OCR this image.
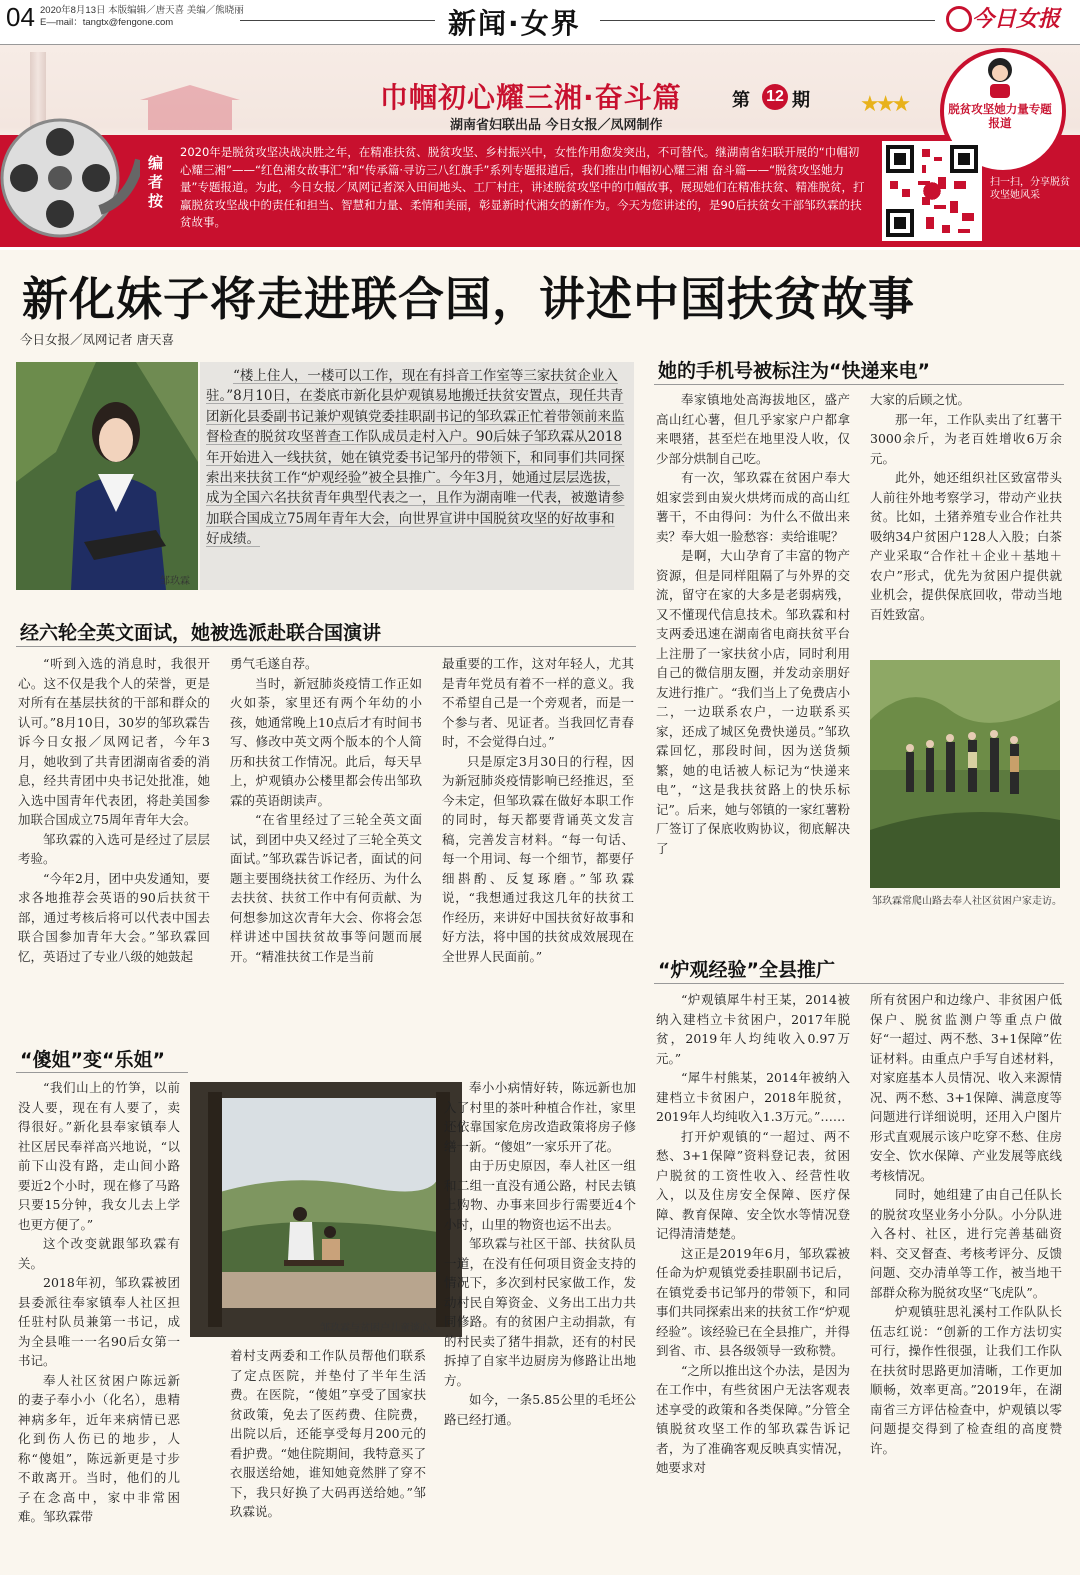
04 2020年8月13日 本版编辑／唐天喜 美编／熊晓丽
E—mail：tangtx@fengone.com	新闻·女界	今日女报
巾帼初心耀三湘·奋斗篇	第 12 期
湖南省妇联出品 今日女报／凤网制作
★★★	脱贫攻坚她力量专题报道
编者按
2020年是脱贫攻坚决战决胜之年，在精准扶贫、脱贫攻坚、乡村振兴中，女性作用愈发突出，不可替代。继湖南省妇联开展的“巾帼初心耀三湘”——“红色湘女故事汇”和“传承篇·寻访三八红旗手”系列专题报道后，我们推出巾帼初心耀三湘 奋斗篇——“脱贫攻坚她力量”专题报道。为此，今日女报／凤网记者深入田间地头、工厂村庄，讲述脱贫攻坚中的巾帼故事，展现她们在精准扶贫、精准脱贫，打赢脱贫攻坚战中的责任和担当、智慧和力量、柔情和美丽，彰显新时代湘女的新作为。今天为您讲述的，是90后扶贫女干部邹玖霖的扶贫故事。
扫一扫，分享脱贫攻坚她风采
新化妹子将走进联合国，讲述中国扶贫故事
今日女报／凤网记者 唐天喜
邹玖霖
“楼上住人，一楼可以工作，现在有抖音工作室等三家扶贫企业入驻。”8月10日，在娄底市新化县炉观镇易地搬迁扶贫安置点，现任共青团新化县委副书记兼炉观镇党委挂职副书记的邹玖霖正忙着带领前来监督检查的脱贫攻坚普查工作队成员走村入户。90后妹子邹玖霖从2018年开始进入一线扶贫，她在镇党委书记邹丹的带领下，和同事们共同探索出来扶贫工作“炉观经验”被全县推广。今年3月，她通过层层选拔，成为全国六名扶贫青年典型代表之一，且作为湖南唯一代表，被邀请参加联合国成立75周年青年大会，向世界宣讲中国脱贫攻坚的好故事和好成绩。
经六轮全英文面试，她被选派赴联合国演讲

“听到入选的消息时，我很开心。这不仅是我个人的荣誉，更是对所有在基层扶贫的干部和群众的认可。”8月10日，30岁的邹玖霖告诉今日女报／凤网记者，今年3月，她收到了共青团湖南省委的消息，经共青团中央书记处批准，她入选中国青年代表团，将赴美国参加联合国成立75周年青年大会。

邹玖霖的入选可是经过了层层考验。

“今年2月，团中央发通知，要求各地推荐会英语的90后扶贫干部，通过考核后将可以代表中国去联合国参加青年大会。”邹玖霖回忆，英语过了专业八级的她鼓起

勇气毛遂自荐。

当时，新冠肺炎疫情工作正如火如荼，家里还有两个年幼的小孩，她通常晚上10点后才有时间书写、修改中英文两个版本的个人简历和扶贫工作情况。此后，每天早上，炉观镇办公楼里都会传出邹玖霖的英语朗读声。

“在省里经过了三轮全英文面试，到团中央又经过了三轮全英文面试。”邹玖霖告诉记者，面试的问题主要围绕扶贫工作经历、为什么去扶贫、扶贫工作中有何贡献、为何想参加这次青年大会、你将会怎样讲述中国扶贫故事等问题而展开。“精准扶贫工作是当前

最重要的工作，这对年轻人，尤其是青年党员有着不一样的意义。我不希望自己是一个旁观者，而是一个参与者、见证者。当我回忆青春时，不会觉得白过。”

只是原定3月30日的行程，因为新冠肺炎疫情影响已经推迟，至今未定，但邹玖霖在做好本职工作的同时，每天都要背诵英文发言稿，完善发言材料。“每一句话、每一个用词、每一个细节，都要仔细斟酌、反复琢磨。”邹玖霖说，“我想通过我这几年的扶贫工作经历，来讲好中国扶贫好故事和好方法，将中国的扶贫成效展现在全世界人民面前。”

“傻姐”变“乐姐”

“我们山上的竹笋，以前没人要，现在有人要了，卖得很好。”新化县奉家镇奉人社区居民奉祥高兴地说，“以前下山没有路，走山间小路要近2个小时，现在修了马路只要15分钟，我女儿去上学也更方便了。”

这个改变就跟邹玖霖有关。

2018年初，邹玖霖被团县委派往奉家镇奉人社区担任驻村队员兼第一书记，成为全县唯一一名90后女第一书记。

奉人社区贫困户陈远新的妻子奉小小（化名），患精神病多年，近年来病情已恶化到伤人伤已的地步，人称“傻姐”，陈远新更是寸步不敢离开。当时，他们的儿子在念高中，家中非常困难。邹玖霖带

邹玖霖与贫困户儿童谈心。

着村支两委和工作队员帮他们联系了定点医院，并垫付了半年生活费。在医院，“傻姐”享受了国家扶贫政策，免去了医药费、住院费，出院以后，还能享受每月200元的看护费。“她住院期间，我特意买了衣服送给她，谁知她竟然胖了穿不下，我只好换了大码再送给她。”邹玖霖说。

奉小小病情好转，陈远新也加入了村里的茶叶种植合作社，家里还依靠国家危房改造政策将房子修缮一新。“傻姐”一家乐开了花。

由于历史原因，奉人社区一组和二组一直没有通公路，村民去镇上购物、办事来回步行需要近4个小时，山里的物资也运不出去。

邹玖霖与社区干部、扶贫队员一道，在没有任何项目资金支持的情况下，多次到村民家做工作，发动村民自筹资金、义务出工出力共同修路。有的贫困户主动捐款，有的村民卖了猪牛捐款，还有的村民拆掉了自家半边厨房为修路让出地方。

如今，一条5.85公里的毛坯公路已经打通。

她的手机号被标注为“快递来电”

奉家镇地处高海拔地区，盛产高山红心薯，但几乎家家户户都拿来喂猪，甚至烂在地里没人收，仅少部分烘制自己吃。

有一次，邹玖霖在贫困户奉大姐家尝到由炭火烘烤而成的高山红薯干，不由得问：为什么不做出来卖？奉大姐一脸愁容：卖给谁呢？

是啊，大山孕育了丰富的物产资源，但是同样阻隔了与外界的交流，留守在家的大多是老弱病残，又不懂现代信息技术。邹玖霖和村支两委迅速在湖南省电商扶贫平台上注册了一家扶贫小店，同时利用自己的微信朋友圈，并发动亲朋好友进行推广。“我们当上了免费店小二，一边联系农户，一边联系买家，还成了城区免费快递员。”邹玖霖回忆，那段时间，因为送货频繁，她的电话被人标记为“快递来电”，“这是我扶贫路上的快乐标记”。后来，她与邻镇的一家红薯粉厂签订了保底收购协议，彻底解决了

大家的后顾之忧。

那一年，工作队卖出了红薯干3000余斤，为老百姓增收6万余元。

此外，她还组织社区致富带头人前往外地考察学习，带动产业扶贫。比如，土猪养殖专业合作社共吸纳34户贫困户128人入股；白茶产业采取“合作社＋企业＋基地＋农户”形式，优先为贫困户提供就业机会，提供保底回收，带动当地百姓致富。

邹玖霖常爬山路去奉人社区贫困户家走访。
“炉观经验”全县推广

“炉观镇犀牛村王某，2014被纳入建档立卡贫困户，2017年脱贫，2019年人均纯收入0.97万元。”

“犀牛村熊某，2014年被纳入建档立卡贫困户，2018年脱贫，2019年人均纯收入1.3万元。”……

打开炉观镇的“一超过、两不愁、3+1保障”资料登记表，贫困户脱贫的工资性收入、经营性收入，以及住房安全保障、医疗保障、教育保障、安全饮水等情况登记得清清楚楚。

这正是2019年6月，邹玖霖被任命为炉观镇党委挂职副书记后，在镇党委书记邹丹的带领下，和同事们共同探索出来的扶贫工作“炉观经验”。该经验已在全县推广，并得到省、市、县各级领导一致称赞。

“之所以推出这个办法，是因为在工作中，有些贫困户无法客观表述享受的政策和各类保障。”分管全镇脱贫攻坚工作的邹玖霖告诉记者，为了准确客观反映真实情况，她要求对

所有贫困户和边缘户、非贫困户低保户、脱贫监测户等重点户做好“一超过、两不愁、3+1保障”佐证材料。由重点户手写自述材料，对家庭基本人员情况、收入来源情况、两不愁、3+1保障、满意度等问题进行详细说明，还用入户图片形式直观展示该户吃穿不愁、住房安全、饮水保障、产业发展等底线考核情况。

同时，她组建了由自己任队长的脱贫攻坚业务小分队。小分队进入各村、社区，进行完善基础资料、交叉督查、考核考评分、反馈问题、交办清单等工作，被当地干部群众称为脱贫攻坚“飞虎队”。

炉观镇驻思礼溪村工作队队长伍志红说：“创新的工作方法切实可行，操作性很强，让我们工作队在扶贫时思路更加清晰，工作更加顺畅，效率更高。”2019年，在湖南省三方评估检查中，炉观镇以零问题提交得到了检查组的高度赞许。
